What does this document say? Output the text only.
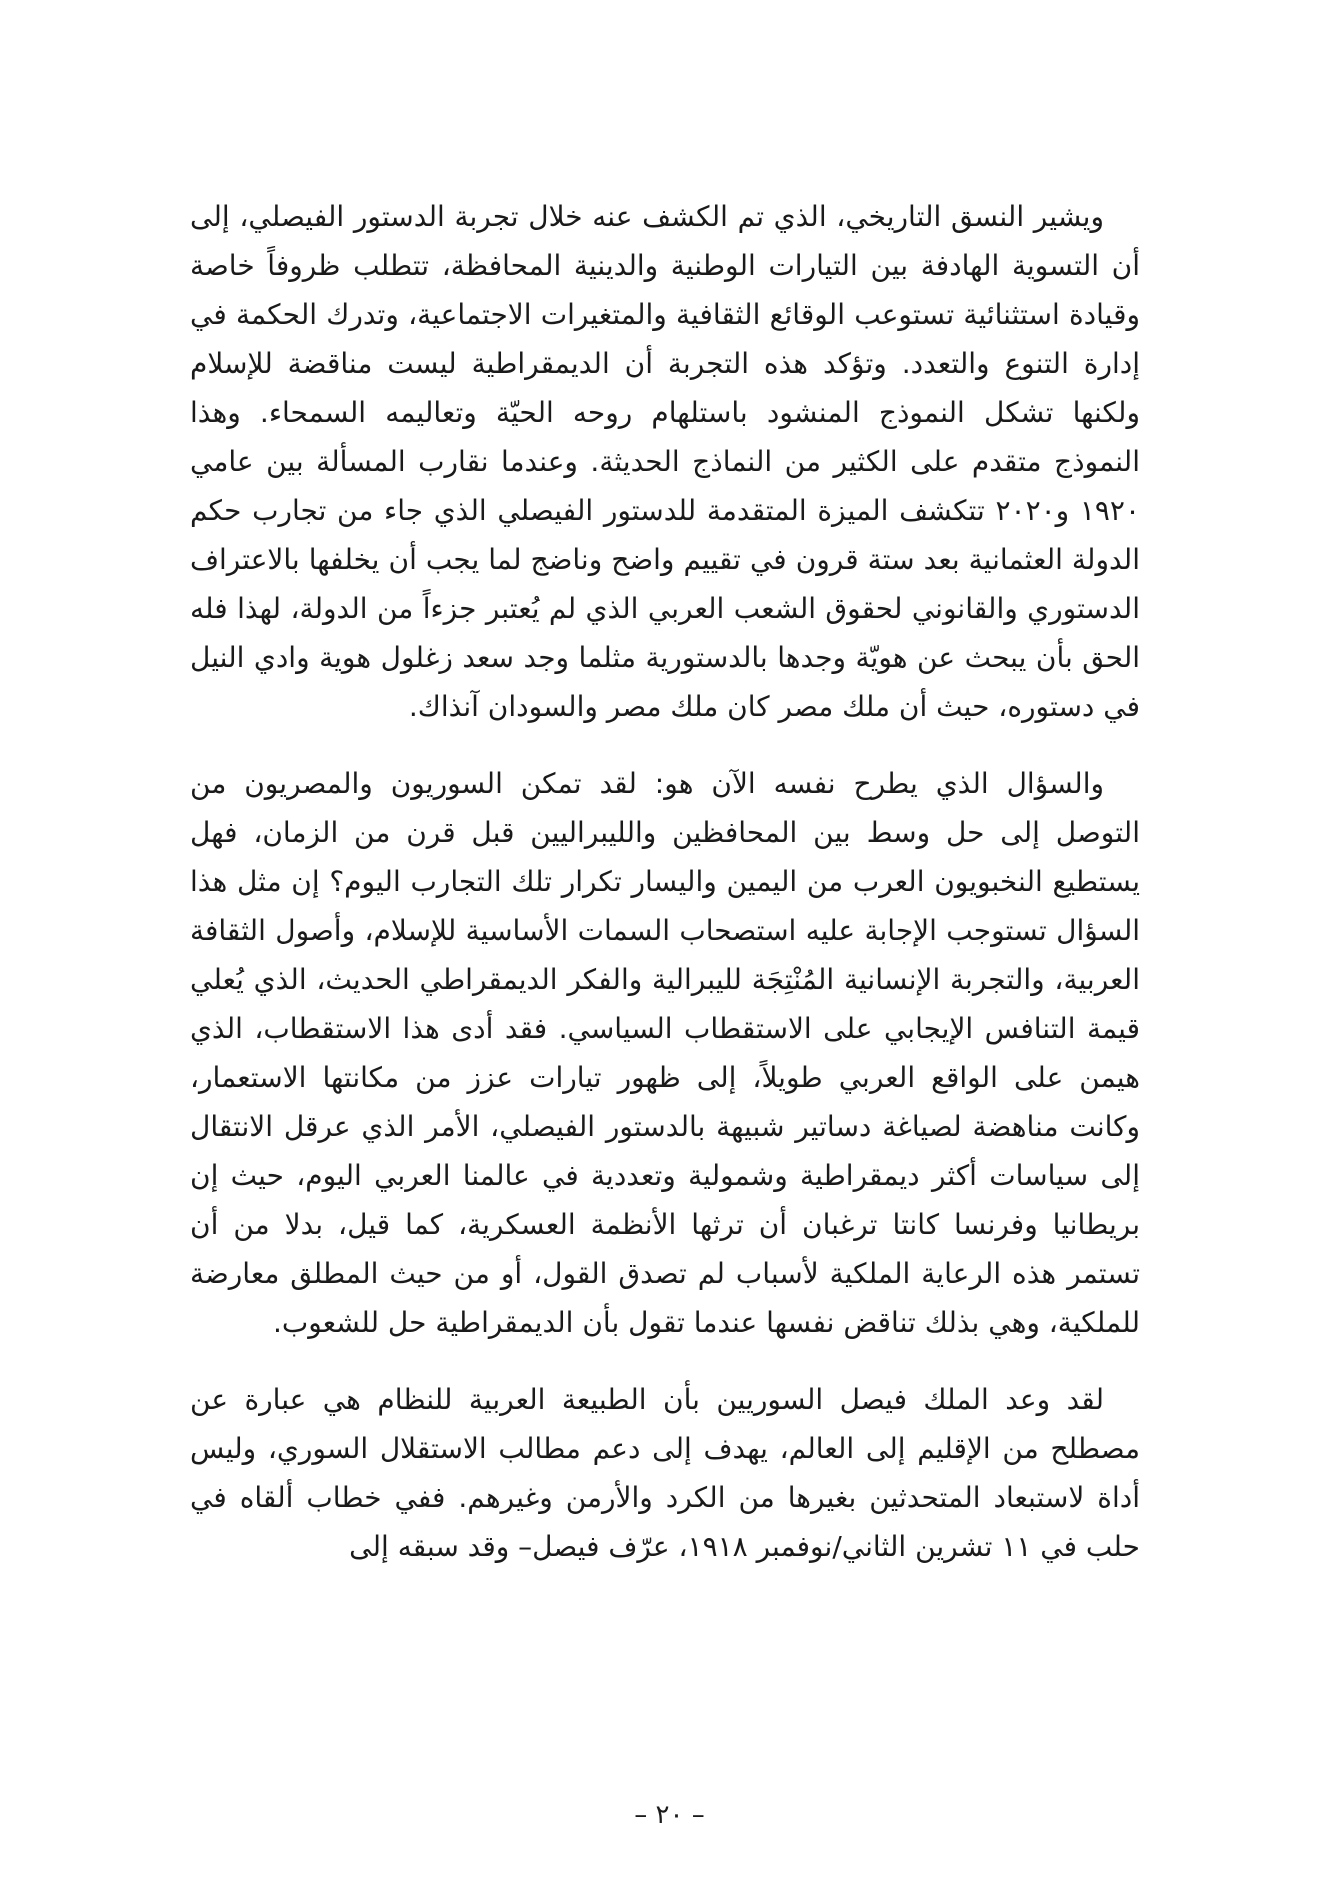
ويشير النسق التاريخي، الذي تم الكشف عنه خلال تجربة الدستور الفيصلي، إلى أن التسوية الهادفة بين التيارات الوطنية والدينية المحافظة، تتطلب ظروفاً خاصة وقيادة استثنائية تستوعب الوقائع الثقافية والمتغيرات الاجتماعية، وتدرك الحكمة في إدارة التنوع والتعدد. وتؤكد هذه التجربة أن الديمقراطية ليست مناقضة للإسلام ولكنها تشكل النموذج المنشود باستلهام روحه الحيّة وتعاليمه السمحاء. وهذا النموذج متقدم على الكثير من النماذج الحديثة. وعندما نقارب المسألة بين عامي ١٩٢٠ و٢٠٢٠ تتكشف الميزة المتقدمة للدستور الفيصلي الذي جاء من تجارب حكم الدولة العثمانية بعد ستة قرون في تقييم واضح وناضج لما يجب أن يخلفها بالاعتراف الدستوري والقانوني لحقوق الشعب العربي الذي لم يُعتبر جزءاً من الدولة، لهذا فله الحق بأن يبحث عن هويّة وجدها بالدستورية مثلما وجد سعد زغلول هوية وادي النيل في دستوره، حيث أن ملك مصر كان ملك مصر والسودان آنذاك.

والسؤال الذي يطرح نفسه الآن هو: لقد تمكن السوريون والمصريون من التوصل إلى حل وسط بين المحافظين والليبراليين قبل قرن من الزمان، فهل يستطيع النخبويون العرب من اليمين واليسار تكرار تلك التجارب اليوم؟ إن مثل هذا السؤال تستوجب الإجابة عليه استصحاب السمات الأساسية للإسلام، وأصول الثقافة العربية، والتجربة الإنسانية المُنْتِجَة لليبرالية والفكر الديمقراطي الحديث، الذي يُعلي قيمة التنافس الإيجابي على الاستقطاب السياسي. فقد أدى هذا الاستقطاب، الذي هيمن على الواقع العربي طويلاً، إلى ظهور تيارات عزز من مكانتها الاستعمار، وكانت مناهضة لصياغة دساتير شبيهة بالدستور الفيصلي، الأمر الذي عرقل الانتقال إلى سياسات أكثر ديمقراطية وشمولية وتعددية في عالمنا العربي اليوم، حيث إن بريطانيا وفرنسا كانتا ترغبان أن ترثها الأنظمة العسكرية، كما قيل، بدلا من أن تستمر هذه الرعاية الملكية لأسباب لم تصدق القول، أو من حيث المطلق معارضة للملكية، وهي بذلك تناقض نفسها عندما تقول بأن الديمقراطية حل للشعوب.

لقد وعد الملك فيصل السوريين بأن الطبيعة العربية للنظام هي عبارة عن مصطلح من الإقليم إلى العالم، يهدف إلى دعم مطالب الاستقلال السوري، وليس أداة لاستبعاد المتحدثين بغيرها من الكرد والأرمن وغيرهم. ففي خطاب ألقاه في حلب في ١١ تشرين الثاني/نوفمبر ١٩١٨، عرّف فيصل– وقد سبقه إلى

– ٢٠ –
